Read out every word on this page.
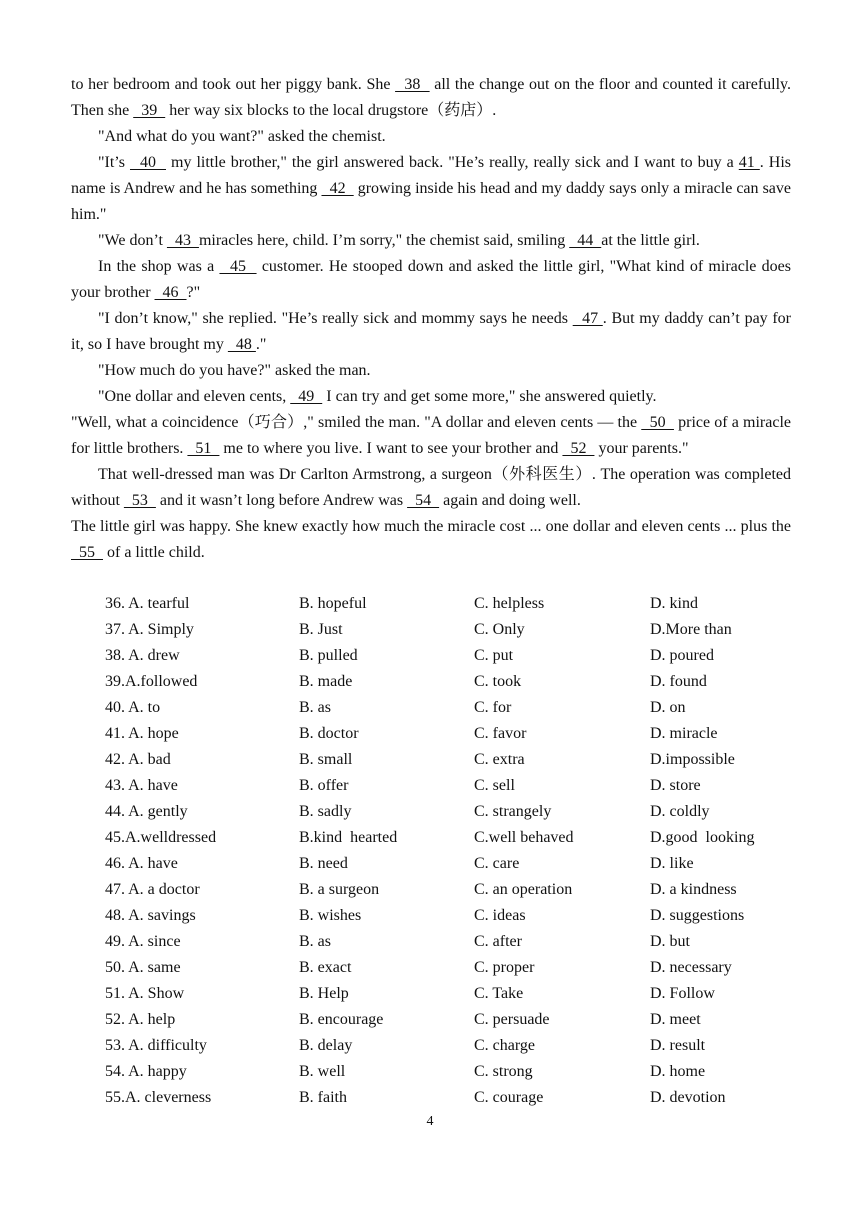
to her bedroom and took out her piggy bank. She   38   all the change out on the floor and counted it carefully. Then she   39   her way six blocks to the local drugstore（药店）.

"And what do you want?" asked the chemist.

"It’s   40   my little brother," the girl answered back. "He’s really, really sick and I want to buy a 41 . His name is Andrew and he has something   42   growing inside his head and my daddy says only a miracle can save him."

"We don’t   43  miracles here, child. I’m sorry," the chemist said, smiling   44  at the little girl.

In the shop was a   45   customer. He stooped down and asked the little girl, "What kind of miracle does your brother   46  ?"

"I don’t know," she replied. "He’s really sick and mommy says he needs   47 . But my daddy can’t pay for it, so I have brought my   48 ."

"How much do you have?" asked the man.

"One dollar and eleven cents,   49   I can try and get some more," she answered quietly.

"Well, what a coincidence（巧合）," smiled the man. "A dollar and eleven cents — the   50   price of a miracle for little brothers.   51   me to where you live. I want to see your brother and   52   your parents."

That well-dressed man was Dr Carlton Armstrong, a surgeon（外科医生）. The operation was completed without   53   and it wasn’t long before Andrew was   54   again and doing well.

The little girl was happy. She knew exactly how much the miracle cost ... one dollar and eleven cents ... plus the   55   of a little child.

36. A. tearful	B. hopeful	C. helpless	D. kind
37. A. Simply	B. Just	C. Only	D.More than
38. A. drew	B. pulled	C. put	D. poured
39.A.followed	B. made	C. took	D. found
40. A. to	B. as	C. for	D. on
41. A. hope	B. doctor	C. favor	D. miracle
42. A. bad	B. small	C. extra	D.impossible
43. A. have	B. offer	C. sell	D. store
44. A. gently	B. sadly	C. strangely	D. coldly
45.A.welldressed	B.kind  hearted	C.well behaved	D.good  looking
46. A. have	B. need	C. care	D. like
47. A. a doctor	B. a surgeon	C. an operation	D. a kindness
48. A. savings	B. wishes	C. ideas	D. suggestions
49. A. since	B. as	C. after	D. but
50. A. same	B. exact	C. proper	D. necessary
51. A. Show	B. Help	C. Take	D. Follow
52. A. help	B. encourage	C. persuade	D. meet
53. A. difficulty	B. delay	C. charge	D. result
54. A. happy	B. well	C. strong	D. home
55.A. cleverness	B. faith	C. courage	D. devotion
4
